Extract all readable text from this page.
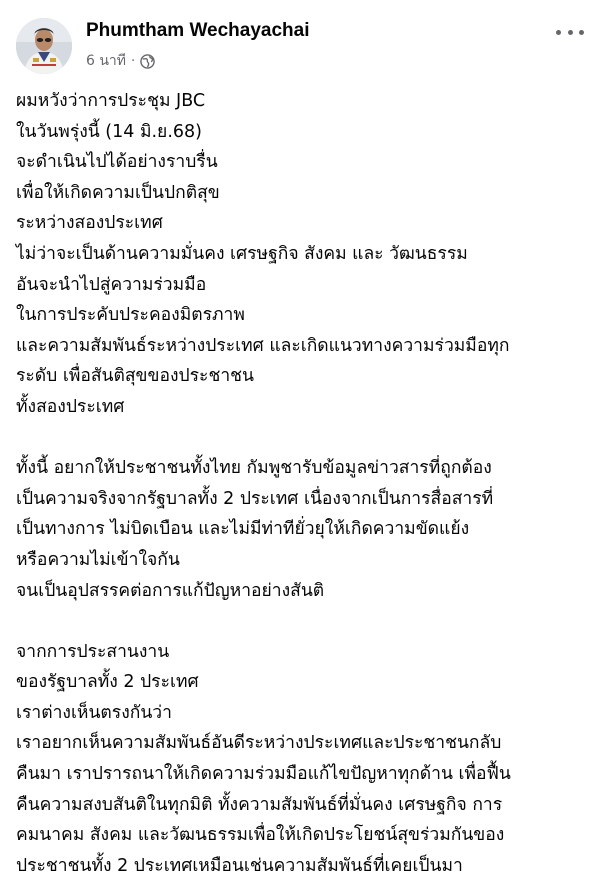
Phumtham Wechayachai
6 นาที ·
ผมหวังว่าการประชุม JBC
ในวันพรุ่งนี้ (14 มิ.ย.68)
จะดำเนินไปได้อย่างราบรื่น
เพื่อให้เกิดความเป็นปกติสุข
ระหว่างสองประเทศ
ไม่ว่าจะเป็นด้านความมั่นคง เศรษฐกิจ สังคม และ วัฒนธรรม
อันจะนำไปสู่ความร่วมมือ
ในการประคับประคองมิตรภาพ
และความสัมพันธ์ระหว่างประเทศ และเกิดแนวทางความร่วมมือทุก
ระดับ เพื่อสันติสุขของประชาชน
ทั้งสองประเทศ
ทั้งนี้ อยากให้ประชาชนทั้งไทย กัมพูชารับข้อมูลข่าวสารที่ถูกต้อง
เป็นความจริงจากรัฐบาลทั้ง 2 ประเทศ เนื่องจากเป็นการสื่อสารที่
เป็นทางการ ไม่บิดเบือน และไม่มีท่าทียั่วยุให้เกิดความขัดแย้ง
หรือความไม่เข้าใจกัน
จนเป็นอุปสรรคต่อการแก้ปัญหาอย่างสันติ
จากการประสานงาน
ของรัฐบาลทั้ง 2 ประเทศ
เราต่างเห็นตรงกันว่า
เราอยากเห็นความสัมพันธ์อันดีระหว่างประเทศและประชาชนกลับ
คืนมา เราปรารถนาให้เกิดความร่วมมือแก้ไขปัญหาทุกด้าน เพื่อฟื้น
คืนความสงบสันติในทุกมิติ ทั้งความสัมพันธ์ที่มั่นคง เศรษฐกิจ การ
คมนาคม สังคม และวัฒนธรรมเพื่อให้เกิดประโยชน์สุขร่วมกันของ
ประชาชนทั้ง 2 ประเทศเหมือนเช่นความสัมพันธ์ที่เคยเป็นมา
